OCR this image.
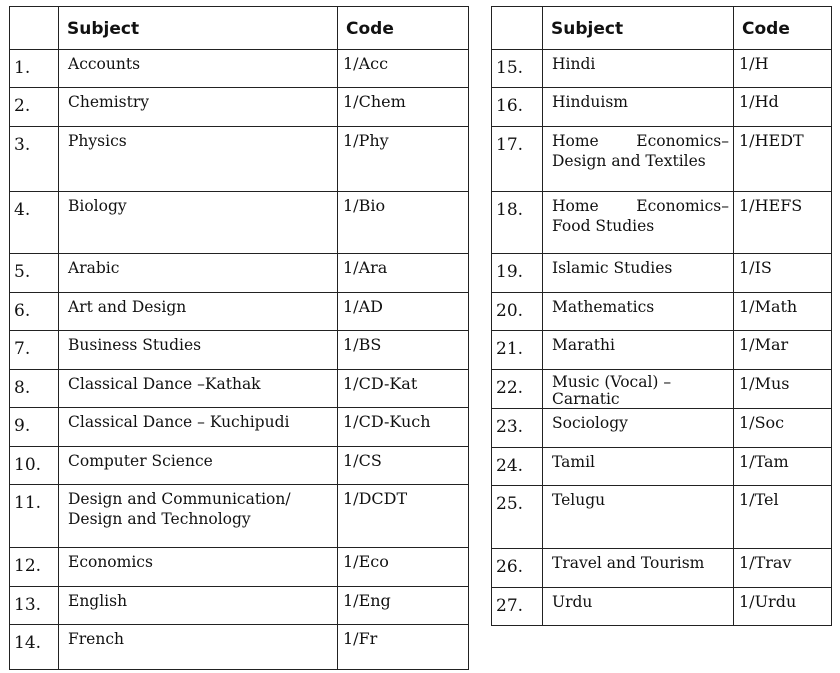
	Subject	Code
1.	Accounts	1/Acc
2.	Chemistry	1/Chem
3.	Physics	1/Phy
4.	Biology	1/Bio
5.	Arabic	1/Ara
6.	Art and Design	1/AD
7.	Business Studies	1/BS
8.	Classical Dance –Kathak	1/CD-Kat
9.	Classical Dance – Kuchipudi	1/CD-Kuch
10.	Computer Science	1/CS
11.	Design and Communication/ Design and Technology	1/DCDT
12.	Economics	1/Eco
13.	English	1/Eng
14.	French	1/Fr
	Subject	Code
15.	Hindi	1/H
16.	Hinduism	1/Hd
17.	Home Economics– Design and Textiles	1/HEDT
18.	Home Economics– Food Studies	1/HEFS
19.	Islamic Studies	1/IS
20.	Mathematics	1/Math
21.	Marathi	1/Mar
22.	Music (Vocal) – Carnatic	1/Mus
23.	Sociology	1/Soc
24.	Tamil	1/Tam
25.	Telugu	1/Tel
26.	Travel and Tourism	1/Trav
27.	Urdu	1/Urdu
